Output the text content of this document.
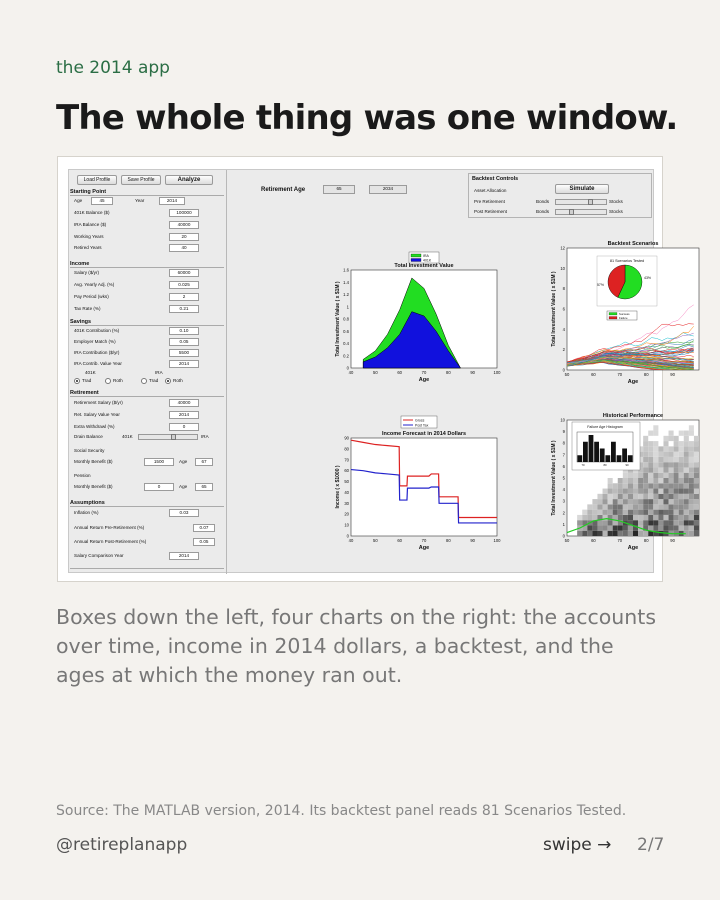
the 2014 app
The whole thing was one window.
Load Profile	Save Profile	Analyze
Starting Point
Age	45	Year	2014
401K Balance ($)	100000
IRA Balance ($)	40000
Working Years	20
Retired Years	40
Income
Salary ($/yr)	60000
Avg. Yearly Adj. (%)	0.025
Pay Period (wks)	2
Tax Rate (%)	0.21
Savings
401K Contribution (%)	0.10
Employer Match (%)	0.05
IRA Contribution ($/yr)	5500
IRA Contrib. Value Year	2014
401K	IRA
Trad	Roth	Trad	Roth
Retirement
Retirement Salary ($/yr)	40000
Ret. Salary Value Year	2014
Extra Withdrawl (%)	0
Drain Balance	401K	IRA
Social Security
Monthly Benefit ($)	1500	Age	67
Pension
Monthly Benefit ($)	0	Age	65
Assumptions
Inflation (%)	0.03
Annual Return Pre-Retirement (%)	0.07
Annual Return Post-Retirement (%)	0.05
Salary Comparison Year	2014
Retirement Age	65	2034
Backtest Controls
Asset Allocation	Simulate
Pre Retirement	Bonds	Stocks
Post Retirement	Bonds	Stocks
40	50	60	70	80	90	100
0
0.2
0.4
0.6
0.8
1
1.2
1.4
1.6
Total Investment Value
Age
Total Investment Value ( x $1M )
IRA
401K
40	50	60	70	80	90	100
0
10
20
30
40
50
60
70
80
90
Income Forecast in 2014 Dollars
Age
Income ( x $1000 )
Gross
Post Tax
50	60	70	80	90
0
2
4
6
8
10
12
Backtest Scenarios
Age
Total Investment Value ( x $1M )
81 Scenarios Tested
57%
43%
Success
Failure
50	60	70	80	90
0
1
2
3
4
5
6
7
8
9
10
Historical Performance
Age
Total Investment Value ( x $1M )
Failure Age Histogram
70	80	90
Boxes down the left, four charts on the right: the accounts over time, income in 2014 dollars, a backtest, and the ages at which the money ran out.
Source: The MATLAB version, 2014. Its backtest panel reads 81 Scenarios Tested.
@retireplanapp	swipe → 2/7
